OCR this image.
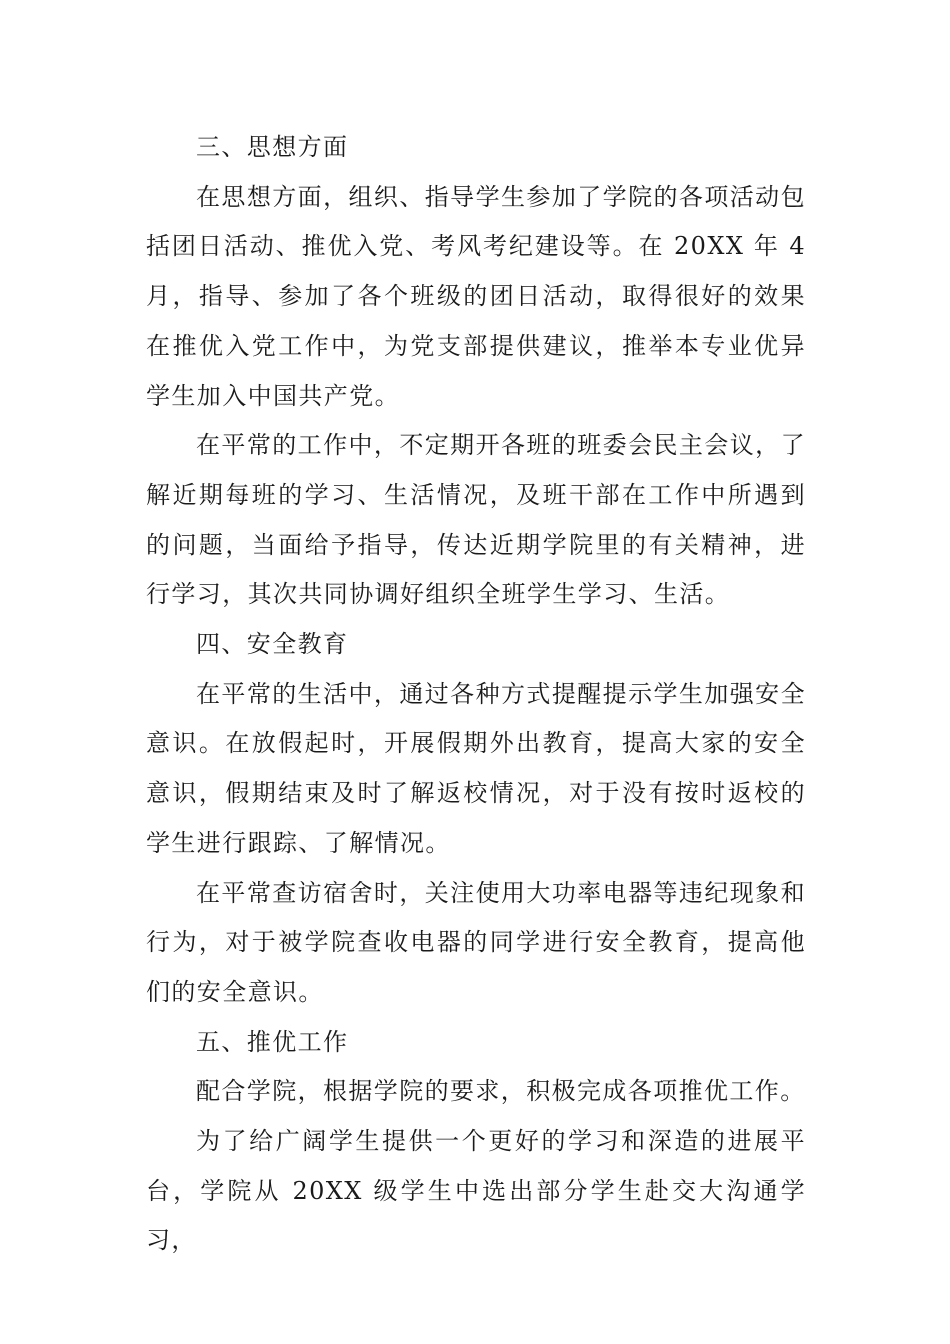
三、思想方面

在思想方面，组织、指导学生参加了学院的各项活动包括团日活动、推优入党、考风考纪建设等。在 20XX 年 4 月，指导、参加了各个班级的团日活动，取得很好的效果在推优入党工作中，为党支部提供建议，推举本专业优异学生加入中国共产党。

在平常的工作中，不定期开各班的班委会民主会议，了解近期每班的学习、生活情况，及班干部在工作中所遇到的问题，当面给予指导，传达近期学院里的有关精神，进行学习，其次共同协调好组织全班学生学习、生活。

四、安全教育

在平常的生活中，通过各种方式提醒提示学生加强安全意识。在放假起时，开展假期外出教育，提高大家的安全意识，假期结束及时了解返校情况，对于没有按时返校的学生进行跟踪、了解情况。

在平常查访宿舍时，关注使用大功率电器等违纪现象和行为，对于被学院查收电器的同学进行安全教育，提高他们的安全意识。

五、推优工作

配合学院，根据学院的要求，积极完成各项推优工作。

为了给广阔学生提供一个更好的学习和深造的进展平台，学院从 20XX 级学生中选出部分学生赴交大沟通学习，
